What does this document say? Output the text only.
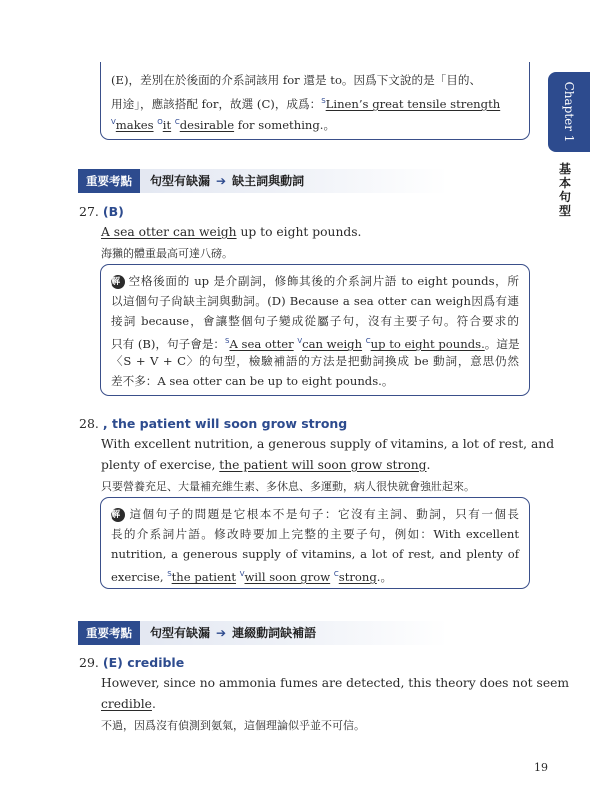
Chapter 1
基
本
句
型
(E)，差別在於後面的介系詞該用 for 還是 to。因爲下文說的是「目的、
用途」，應該搭配 for，故選 (C)，成爲：$^S$Linen’s great tensile strength
$^V$makes $^O$it $^C$desirable for something.。
重要考點	句型有缺漏 ➔ 缺主詞與動詞
27. (B)
A sea otter can weigh up to eight pounds.
海獺的體重最高可達八磅。
解 空格後面的 up 是介副詞，修飾其後的介系詞片語 to eight pounds，所
以這個句子尙缺主詞與動詞。(D) Because a sea otter can weigh因爲有連
接詞 because，會讓整個句子變成從屬子句，沒有主要子句。符合要求的
只有 (B)，句子會是：$^S$A sea otter $^V$can weigh $^C$up to eight pounds.。這是
〈S + V + C〉的句型，檢驗補語的方法是把動詞換成 be 動詞，意思仍然
差不多：A sea otter can be up to eight pounds.。
28. , the patient will soon grow strong
With excellent nutrition, a generous supply of vitamins, a lot of rest, and
plenty of exercise, the patient will soon grow strong.
只要營養充足、大量補充維生素、多休息、多運動，病人很快就會強壯起來。
解 這個句子的問題是它根本不是句子：它沒有主詞、動詞，只有一個長
長的介系詞片語。修改時要加上完整的主要子句，例如：With excellent
nutrition, a generous supply of vitamins, a lot of rest, and plenty of
exercise, $^S$the patient $^V$will soon grow $^C$strong.。
重要考點	句型有缺漏 ➔ 連綴動詞缺補語
29. (E) credible
However, since no ammonia fumes are detected, this theory does not seem
credible.
不過，因爲沒有偵測到氨氣，這個理論似乎並不可信。
19
